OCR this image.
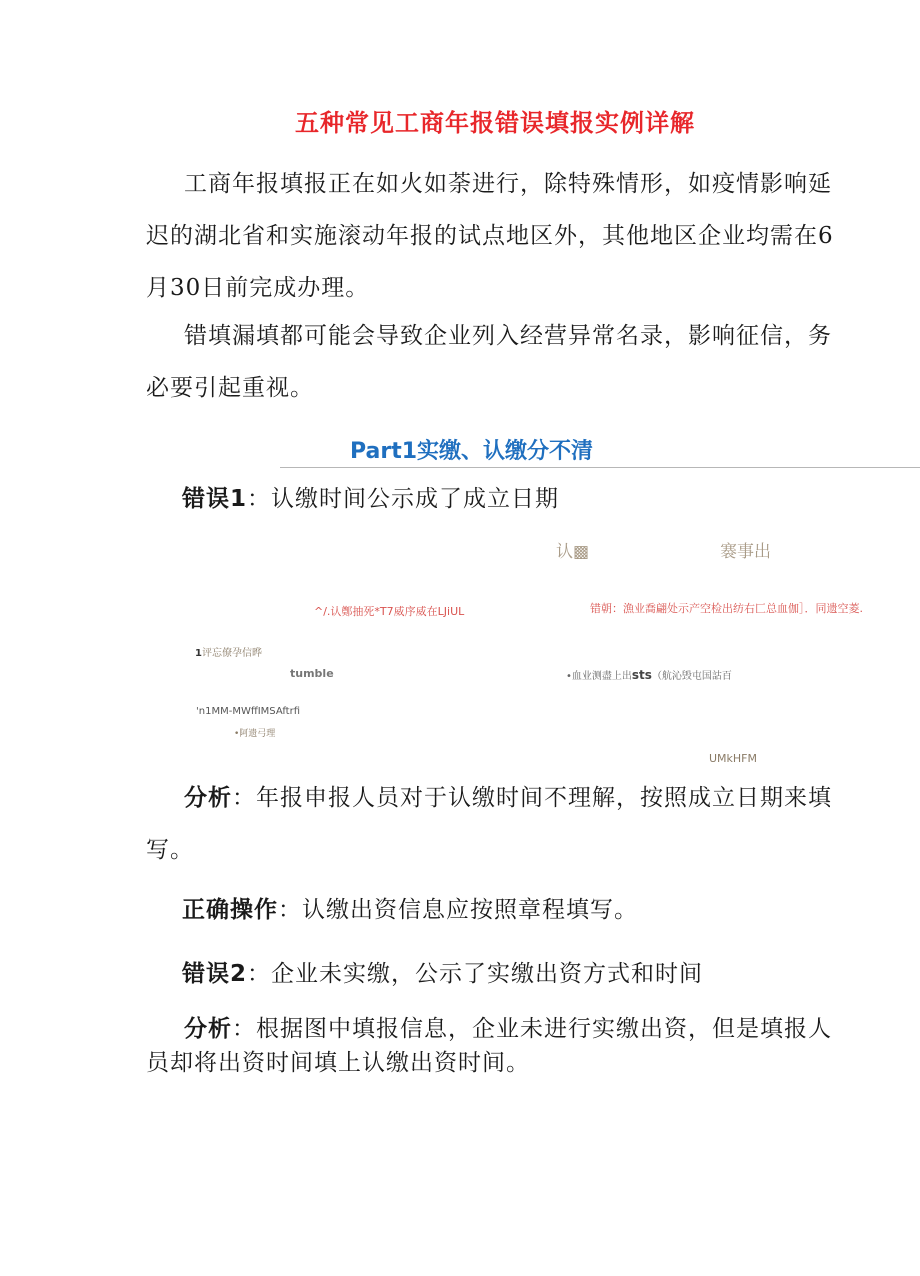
五种常见工商年报错误填报实例详解
工商年报填报正在如火如荼进行，除特殊情形，如疫情影响延迟的湖北省和实施滚动年报的试点地区外，其他地区企业均需在6月30日前完成办理。
错填漏填都可能会导致企业列入经营异常名录，影响征信，务必要引起重视。
Part1实缴、认缴分不清
错误1：认缴时间公示成了成立日期
认▩	褰事出
^/.认鄭抽死*T7威序威在LJiUL	错朝：漁业喬翩处示产空检出纺右匚总血伽］．同遗空菱.
1评忘僚孕信晔
tumble	•血业测盡上出sts（航沁毁屯国詁百
'n1MM-MWffIMSAftrfi
•阿遗弓理
UMkHFM
分析：年报申报人员对于认缴时间不理解，按照成立日期来填写。
正确操作：认缴出资信息应按照章程填写。
错误2：企业未实缴，公示了实缴出资方式和时间
分析：根据图中填报信息，企业未进行实缴出资，但是填报人员却将出资时间填上认缴出资时间。
